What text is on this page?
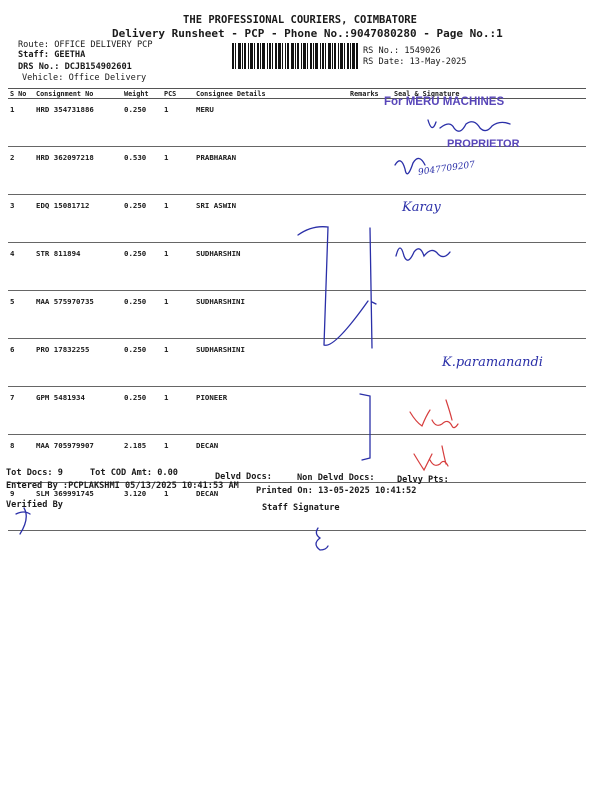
THE PROFESSIONAL COURIERS, COIMBATORE
Delivery Runsheet - PCP - Phone No.:9047080280 - Page No.:1
Route: OFFICE DELIVERY PCP
Staff: GEETHA
DRS No.: DCJB154902601
Vehicle: Office Delivery
RS No.: 1549026
RS Date: 13-May-2025
S No	Consignment No	Weight	PCS	Consignee Details	Remarks	Seal & Signature
1	HRD 354731886	0.250	1	MERU		
2	HRD 362097218	0.530	1	PRABHARAN		
3	EDQ 15081712	0.250	1	SRI ASWIN		
4	STR 811894	0.250	1	SUDHARSHIN		
5	MAA 575970735	0.250	1	SUDHARSHINI		
6	PRO 17832255	0.250	1	SUDHARSHINI		
7	GPM 5481934	0.250	1	PIONEER		
8	MAA 705979907	2.185	1	DECAN		
9	SLM 369991745	3.120	1	DECAN		
Tot Docs: 9	Tot COD Amt: 0.00	Delvd Docs:	Non Delvd Docs:	Delvy Pts:
Entered By :PCPLAKSHMI 05/13/2025 10:41:53 AM Printed On: 13-05-2025 10:41:52
Verified By	Staff Signature
For MERU MACHINES
PROPRIETOR
9047709207
Karay
K.paramanandi
